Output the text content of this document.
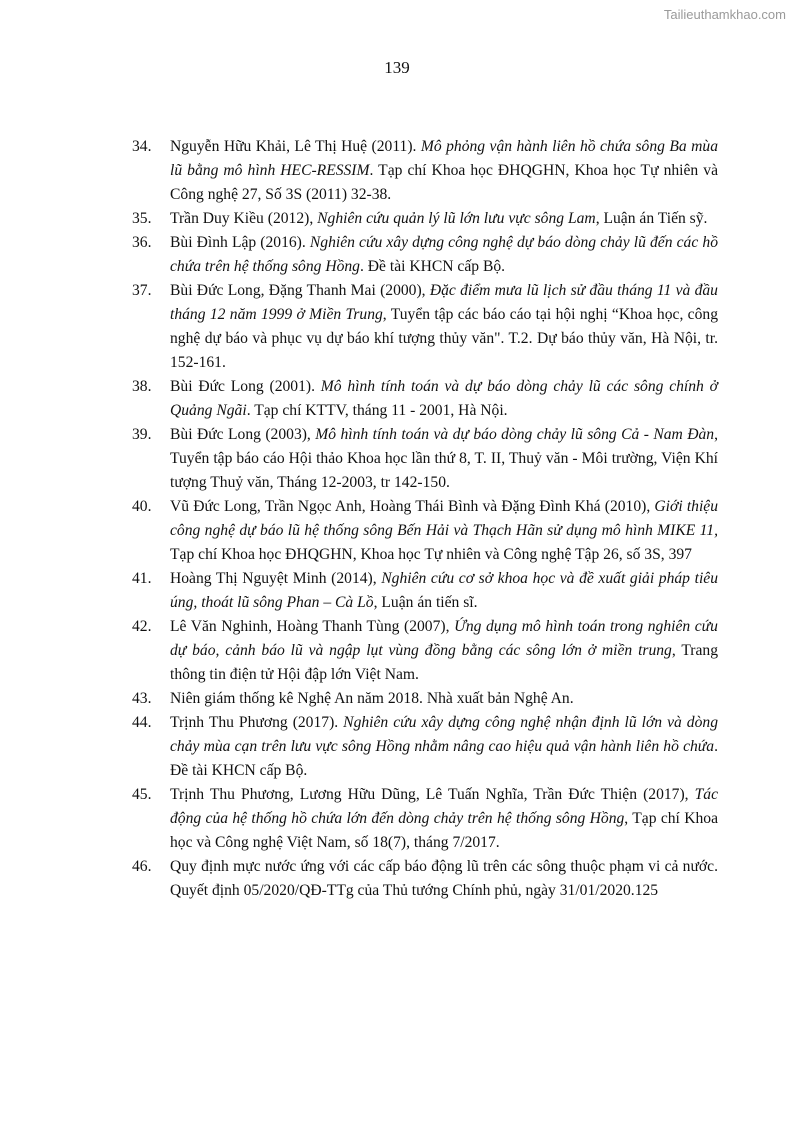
Tailieuthamkhao.com
139
34.	Nguyễn Hữu Khải, Lê Thị Huệ (2011). Mô phỏng vận hành liên hồ chứa sông Ba mùa lũ bằng mô hình HEC-RESSIM. Tạp chí Khoa học ĐHQGHN, Khoa học Tự nhiên và Công nghệ 27, Số 3S (2011) 32-38.
35.	Trần Duy Kiều (2012), Nghiên cứu quản lý lũ lớn lưu vực sông Lam, Luận án Tiến sỹ.
36.	Bùi Đình Lập (2016). Nghiên cứu xây dựng công nghệ dự báo dòng chảy lũ đến các hồ chứa trên hệ thống sông Hồng. Đề tài KHCN cấp Bộ.
37.	Bùi Đức Long, Đặng Thanh Mai (2000), Đặc điểm mưa lũ lịch sử đầu tháng 11 và đầu tháng 12 năm 1999 ở Miền Trung, Tuyển tập các báo cáo tại hội nghị “Khoa học, công nghệ dự báo và phục vụ dự báo khí tượng thủy văn". T.2. Dự báo thủy văn, Hà Nội, tr. 152-161.
38.	Bùi Đức Long (2001). Mô hình tính toán và dự báo dòng chảy lũ các sông chính ở Quảng Ngãi. Tạp chí KTTV, tháng 11 - 2001, Hà Nội.
39.	Bùi Đức Long (2003), Mô hình tính toán và dự báo dòng chảy lũ sông Cả - Nam Đàn, Tuyển tập báo cáo Hội thảo Khoa học lần thứ 8, T. II, Thuỷ văn - Môi trường, Viện Khí tượng Thuỷ văn, Tháng 12-2003, tr 142-150.
40.	Vũ Đức Long, Trần Ngọc Anh, Hoàng Thái Bình và Đặng Đình Khá (2010), Giới thiệu công nghệ dự báo lũ hệ thống sông Bến Hải và Thạch Hãn sử dụng mô hình MIKE 11, Tạp chí Khoa học ĐHQGHN, Khoa học Tự nhiên và Công nghệ Tập 26, số 3S, 397
41.	Hoàng Thị Nguyệt Minh (2014), Nghiên cứu cơ sở khoa học và đề xuất giải pháp tiêu úng, thoát lũ sông Phan – Cà Lồ, Luận án tiến sĩ.
42.	Lê Văn Nghinh, Hoàng Thanh Tùng (2007), Ứng dụng mô hình toán trong nghiên cứu dự báo, cảnh báo lũ và ngập lụt vùng đồng bằng các sông lớn ở miền trung, Trang thông tin điện tử Hội đập lớn Việt Nam.
43.	Niên giám thống kê Nghệ An năm 2018. Nhà xuất bản Nghệ An.
44.	Trịnh Thu Phương (2017). Nghiên cứu xây dựng công nghệ nhận định lũ lớn và dòng chảy mùa cạn trên lưu vực sông Hồng nhằm nâng cao hiệu quả vận hành liên hồ chứa. Đề tài KHCN cấp Bộ.
45.	Trịnh Thu Phương, Lương Hữu Dũng, Lê Tuấn Nghĩa, Trần Đức Thiện (2017), Tác động của hệ thống hồ chứa lớn đến dòng chảy trên hệ thống sông Hồng, Tạp chí Khoa học và Công nghệ Việt Nam, số 18(7), tháng 7/2017.
46.	Quy định mực nước ứng với các cấp báo động lũ trên các sông thuộc phạm vi cả nước. Quyết định 05/2020/QĐ-TTg của Thủ tướng Chính phủ, ngày 31/01/2020.125
